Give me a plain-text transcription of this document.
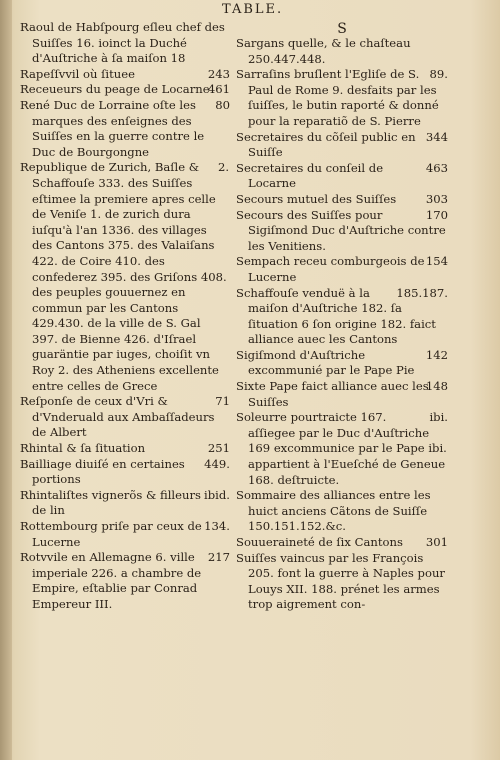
TABLE.

Raoul de Habſpourg eſleu chef des Suiſſes 16. ioinct la Duché d'Auſtriche à ſa maiſon 18

243
Rapeſſvvil où ſituee

461
Receueurs du peage de Locarne

80
René Duc de Lorraine oſte les marques des enſeignes des Suiſſes en la guerre contre le Duc de Bourgongne

2.
Republique de Zurich, Baſle & Schaffouſe 333. des Suiſſes eſtimee la premiere apres celle de Veniſe 1. de zurich dura iuſqu'à l'an 1336. des villages des Cantons 375. des Valaiſans 422. de Coire 410. des confederez 395. des Griſons 408. des peuples gouuernez en commun par les Cantons 429.430. de la ville de S. Gal 397. de Bienne 426. d'Iſrael guaräntie par iuges, choiſit vn Roy 2. des Atheniens excellente entre celles de Grece

71
Reſponſe de ceux d'Vri & d'Vnderuald aux Ambaſſadeurs de Albert

251
Rhintal & ſa ſituation

449.
Bailliage diuiſé en certaines portions

ibid.
Rhintaliſtes vignerõs & filleurs de lin

134.
Rottembourg priſe par ceux de Lucerne

217
Rotvvile en Allemagne 6. ville imperiale 226. a chambre de Empire, eſtablie par Conrad Empereur III.

S

Sargans quelle, & le chaſteau 250.447.448.

89.
Sarraſins bruſlent l'Egliſe de S. Paul de Rome 9. desfaits par les ſuiſſes, le butin raporté & donné pour la reparatiõ de S. Pierre

344
Secretaires du cõſeil public en Suiſſe

463
Secretaires du conſeil de Locarne

303
Secours mutuel des Suiſſes

170
Secours des Suiſſes pour Sigiſmond Duc d'Auſtriche contre les Venitiens.

154
Sempach receu comburgeois de Lucerne

185.187.
Schaffouſe venduë à la maiſon d'Auſtriche 182. ſa ſituation 6 ſon origine 182. faict alliance auec les Cantons

142
Sigiſmond d'Auſtriche excommunié par le Pape Pie

148
Sixte Pape faict alliance auec les Suiſſes

ibi.
Soleurre pourtraicte 167. aſſiegee par le Duc d'Auſtriche 169 excommunice par le Pape ibi. appartient à l'Eueſché de Geneue 168. deſtruicte.

Sommaire des alliances entre les huict anciens Cãtons de Suiſſe 150.151.152.&c.

301
Souueraineté de ſix Cantons

Suiſſes vaincus par les François 205. font la guerre à Naples pour Louys XII. 188. prénet les armes trop aigrement con-
